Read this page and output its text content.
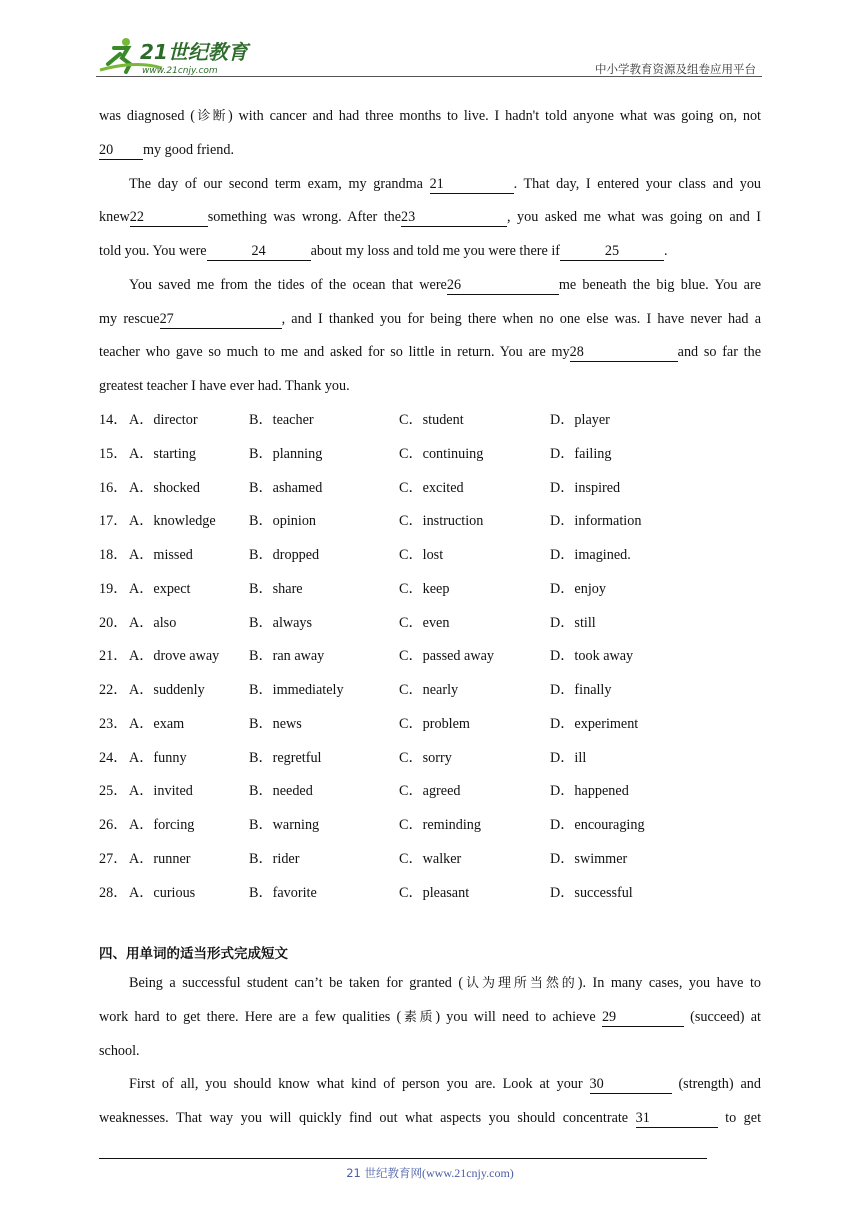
21世纪教育
www.21cnjy.com	中小学教育资源及组卷应用平台
was diagnosed (诊断) with cancer and had three months to live. I hadn't told anyone what was going on, not
20 my good friend.
The day of our second term exam, my grandma 21	. That day, I entered your class and you
knew22	something was wrong. After the23	, you asked me what was going on and I
told you. You were	24	about my loss and told me you were there if	25	.
You saved me from the tides of the ocean that were26	me beneath the big blue. You are
my rescue27	, and I thanked you for being there when no one else was. I have never had a
teacher who gave so much to me and asked for so little in return. You are my28	and so far the
greatest teacher I have ever had. Thank you.
14． A．director	B．teacher	C．student	D．player
15． A．starting	B．planning	C．continuing	D．failing
16． A．shocked	B．ashamed	C．excited	D．inspired
17． A．knowledge B．opinion	C．instruction	D．information
18． A．missed	B．dropped	C．lost	D．imagined.
19． A．expect	B．share	C．keep	D．enjoy
20． A．also	B．always	C．even	D．still
21． A．drove away B．ran away	C．passed away	D．took away
22． A．suddenly	B．immediately	C．nearly	D．finally
23． A．exam	B．news	C．problem	D．experiment
24． A．funny	B．regretful	C．sorry	D．ill
25． A．invited	B．needed	C．agreed	D．happened
26． A．forcing	B．warning	C．reminding	D．encouraging
27． A．runner	B．rider	C．walker	D．swimmer
28． A．curious	B．favorite	C．pleasant	D．successful
四、用单词的适当形式完成短文
Being a successful student can’t be taken for granted (认为理所当然的). In many cases, you have to
work hard to get there. Here are a few qualities (素质) you will need to achieve 29	(succeed) at
school.
First of all, you should know what kind of person you are. Look at your 30	(strength) and
weaknesses. That way you will quickly find out what aspects you should concentrate 31	to get
21 世纪教育网(www.21cnjy.com)
